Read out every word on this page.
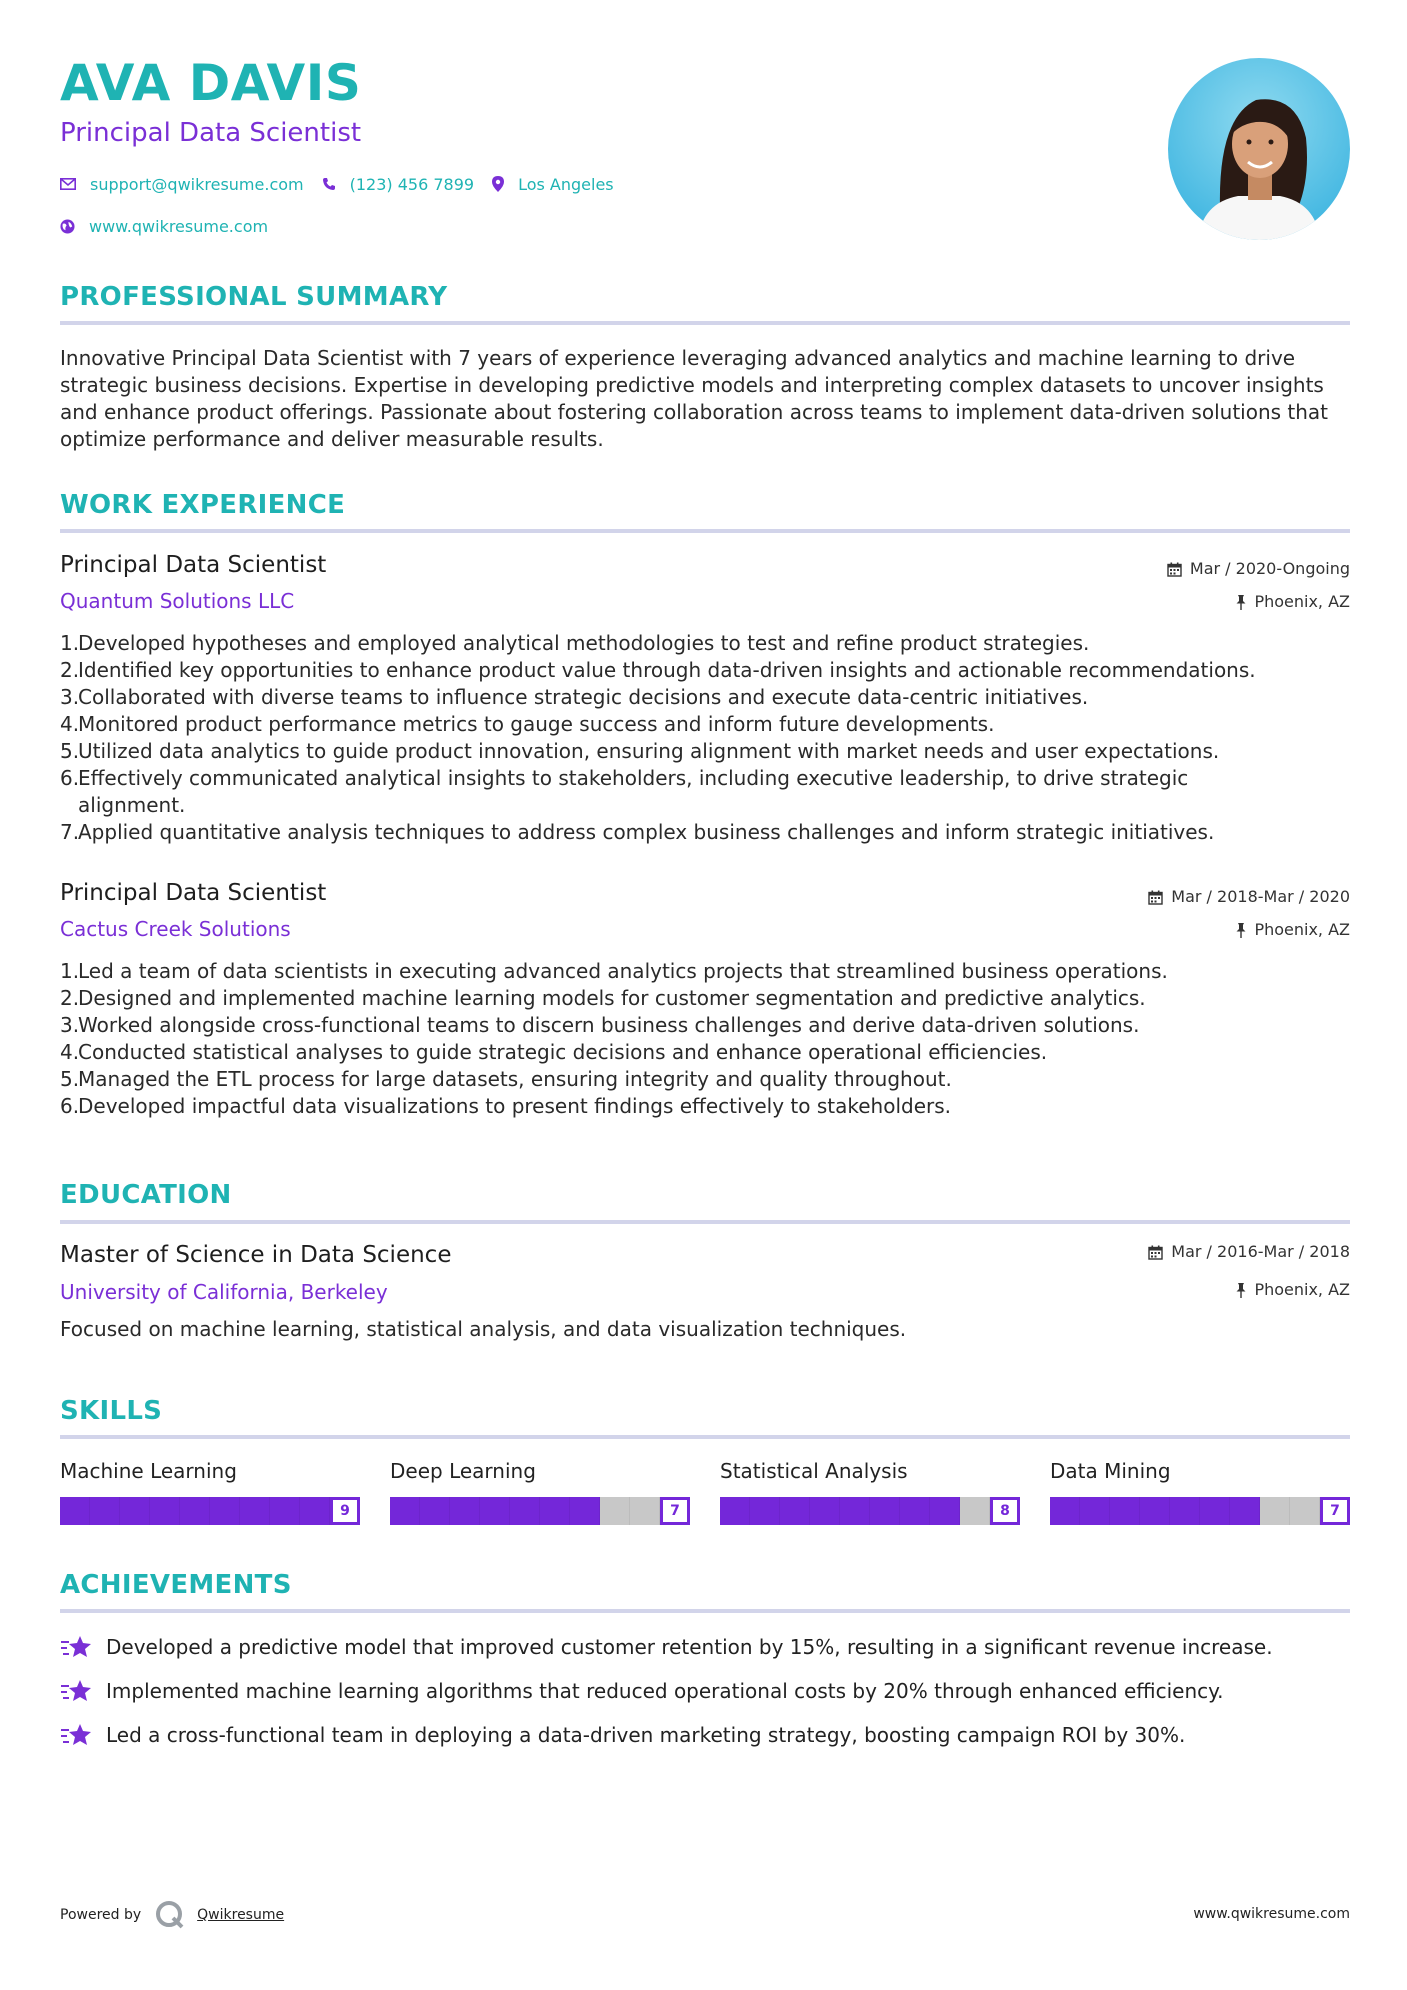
AVA DAVIS
Principal Data Scientist
support@qwikresume.com	(123) 456 7899	Los Angeles
www.qwikresume.com
PROFESSIONAL SUMMARY

Innovative Principal Data Scientist with 7 years of experience leveraging advanced analytics and machine learning to drive strategic business decisions. Expertise in developing predictive models and interpreting complex datasets to uncover insights and enhance product offerings. Passionate about fostering collaboration across teams to implement data-driven solutions that optimize performance and deliver measurable results.

WORK EXPERIENCE
Principal Data Scientist
Quantum Solutions LLC
Mar / 2020-Ongoing
Phoenix, AZ
Developed hypotheses and employed analytical methodologies to test and refine product strategies.
Identified key opportunities to enhance product value through data-driven insights and actionable recommendations.
Collaborated with diverse teams to influence strategic decisions and execute data-centric initiatives.
Monitored product performance metrics to gauge success and inform future developments.
Utilized data analytics to guide product innovation, ensuring alignment with market needs and user expectations.
Effectively communicated analytical insights to stakeholders, including executive leadership, to drive strategic alignment.
Applied quantitative analysis techniques to address complex business challenges and inform strategic initiatives.
Principal Data Scientist
Cactus Creek Solutions
Mar / 2018-Mar / 2020
Phoenix, AZ
Led a team of data scientists in executing advanced analytics projects that streamlined business operations.
Designed and implemented machine learning models for customer segmentation and predictive analytics.
Worked alongside cross-functional teams to discern business challenges and derive data-driven solutions.
Conducted statistical analyses to guide strategic decisions and enhance operational efficiencies.
Managed the ETL process for large datasets, ensuring integrity and quality throughout.
Developed impactful data visualizations to present findings effectively to stakeholders.
EDUCATION
Master of Science in Data Science
University of California, Berkeley
Mar / 2016-Mar / 2018
Phoenix, AZ

Focused on machine learning, statistical analysis, and data visualization techniques.

SKILLS
Machine Learning
9
Deep Learning
7
Statistical Analysis
8
Data Mining
7
ACHIEVEMENTS
Developed a predictive model that improved customer retention by 15%, resulting in a significant revenue increase.
Implemented machine learning algorithms that reduced operational costs by 20% through enhanced efficiency.
Led a cross-functional team in deploying a data-driven marketing strategy, boosting campaign ROI by 30%.
Powered by	Qwikresume	www.qwikresume.com
